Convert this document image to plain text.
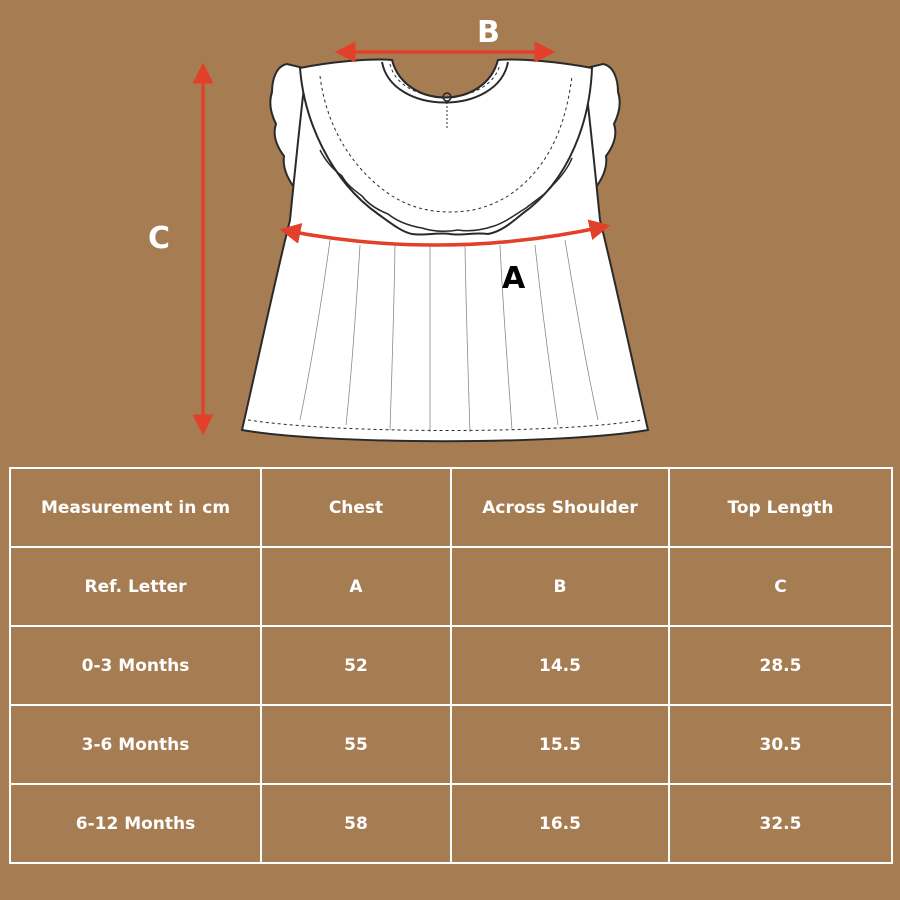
B
A
C
Measurement in cm	Chest	Across Shoulder	Top Length
Ref. Letter	A	B	C
0-3 Months	52	14.5	28.5
3-6 Months	55	15.5	30.5
6-12 Months	58	16.5	32.5
